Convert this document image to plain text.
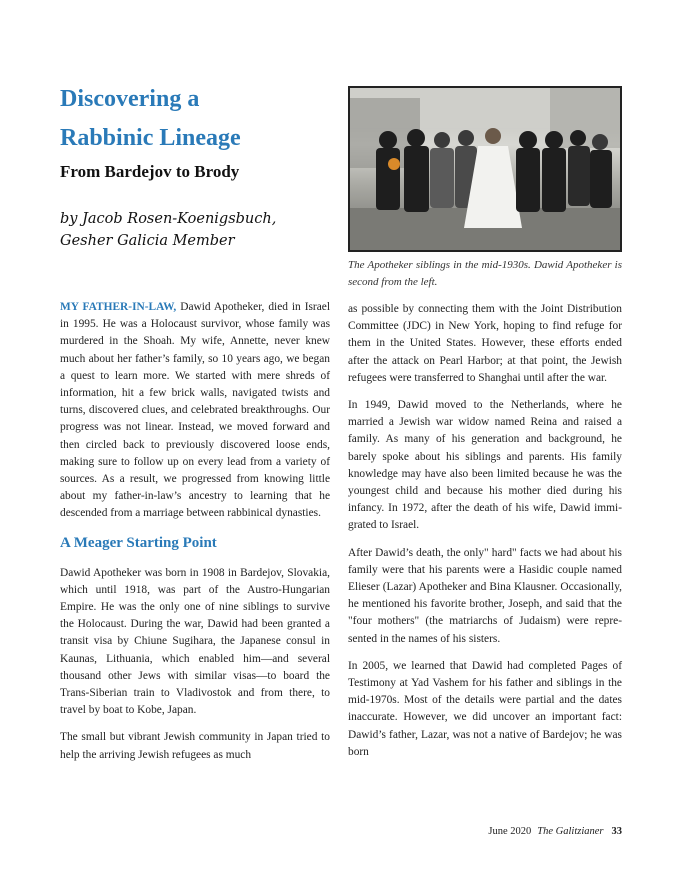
Discovering a
Rabbinic Lineage
From Bardejov to Brody
by Jacob Rosen-Koenigsbuch,
Gesher Galicia Member
The Apotheker siblings in the mid-1930s. Dawid Apotheker is second from the left.

MY FATHER-IN-LAW, Dawid Apotheker, died in Israel in 1995. He was a Holocaust survivor, whose family was murdered in the Shoah. My wife, Annette, never knew much about her father’s family, so 10 years ago, we began a quest to learn more. We started with mere shreds of information, hit a few brick walls, navigated twists and turns, discovered clues, and celebrated breakthroughs. Our progress was not linear. Instead, we moved forward and then circled back to previously discovered loose ends, making sure to follow up on every lead from a variety of sources. As a result, we progressed from knowing little about my father-in-law’s ancestry to learning that he descended from a marriage between rabbinical dynasties.

A Meager Starting Point

Dawid Apotheker was born in 1908 in Bardejov, Slovakia, which until 1918, was part of the Austro-Hungarian Empire. He was the only one of nine siblings to survive the Holocaust. During the war, Dawid had been granted a transit visa by Chiune Sugihara, the Japanese consul in Kaunas, Lithuania, which enabled him—and several thousand other Jews with similar visas—to board the Trans-Siberian train to Vladivostok and from there, to travel by boat to Kobe, Japan.

The small but vibrant Jewish community in Japan tried to help the arriving Jewish refugees as much

as possible by connecting them with the Joint Distribution Committee (JDC) in New York, hoping to find refuge for them in the United States. However, these efforts ended after the attack on Pearl Harbor; at that point, the Jewish refugees were transferred to Shanghai until after the war.

In 1949, Dawid moved to the Netherlands, where he married a Jewish war widow named Reina and raised a family. As many of his generation and background, he barely spoke about his siblings and parents. His family knowledge may have also been limited because he was the youngest child and because his mother died during his infancy. In 1972, after the death of his wife, Dawid immigrated to Israel.

After Dawid’s death, the only" hard" facts we had about his family were that his parents were a Hasidic couple named Elieser (Lazar) Apotheker and Bina Klausner. Occasionally, he mentioned his favorite brother, Joseph, and said that the "four mothers" (the matriarchs of Judaism) were represented in the names of his sisters.

In 2005, we learned that Dawid had completed Pages of Testimony at Yad Vashem for his father and siblings in the mid-1970s. Most of the details were partial and the dates inaccurate. However, we did uncover an important fact: Dawid’s father, Lazar, was not a native of Bardejov; he was born

June 2020 The Galitzianer 33
